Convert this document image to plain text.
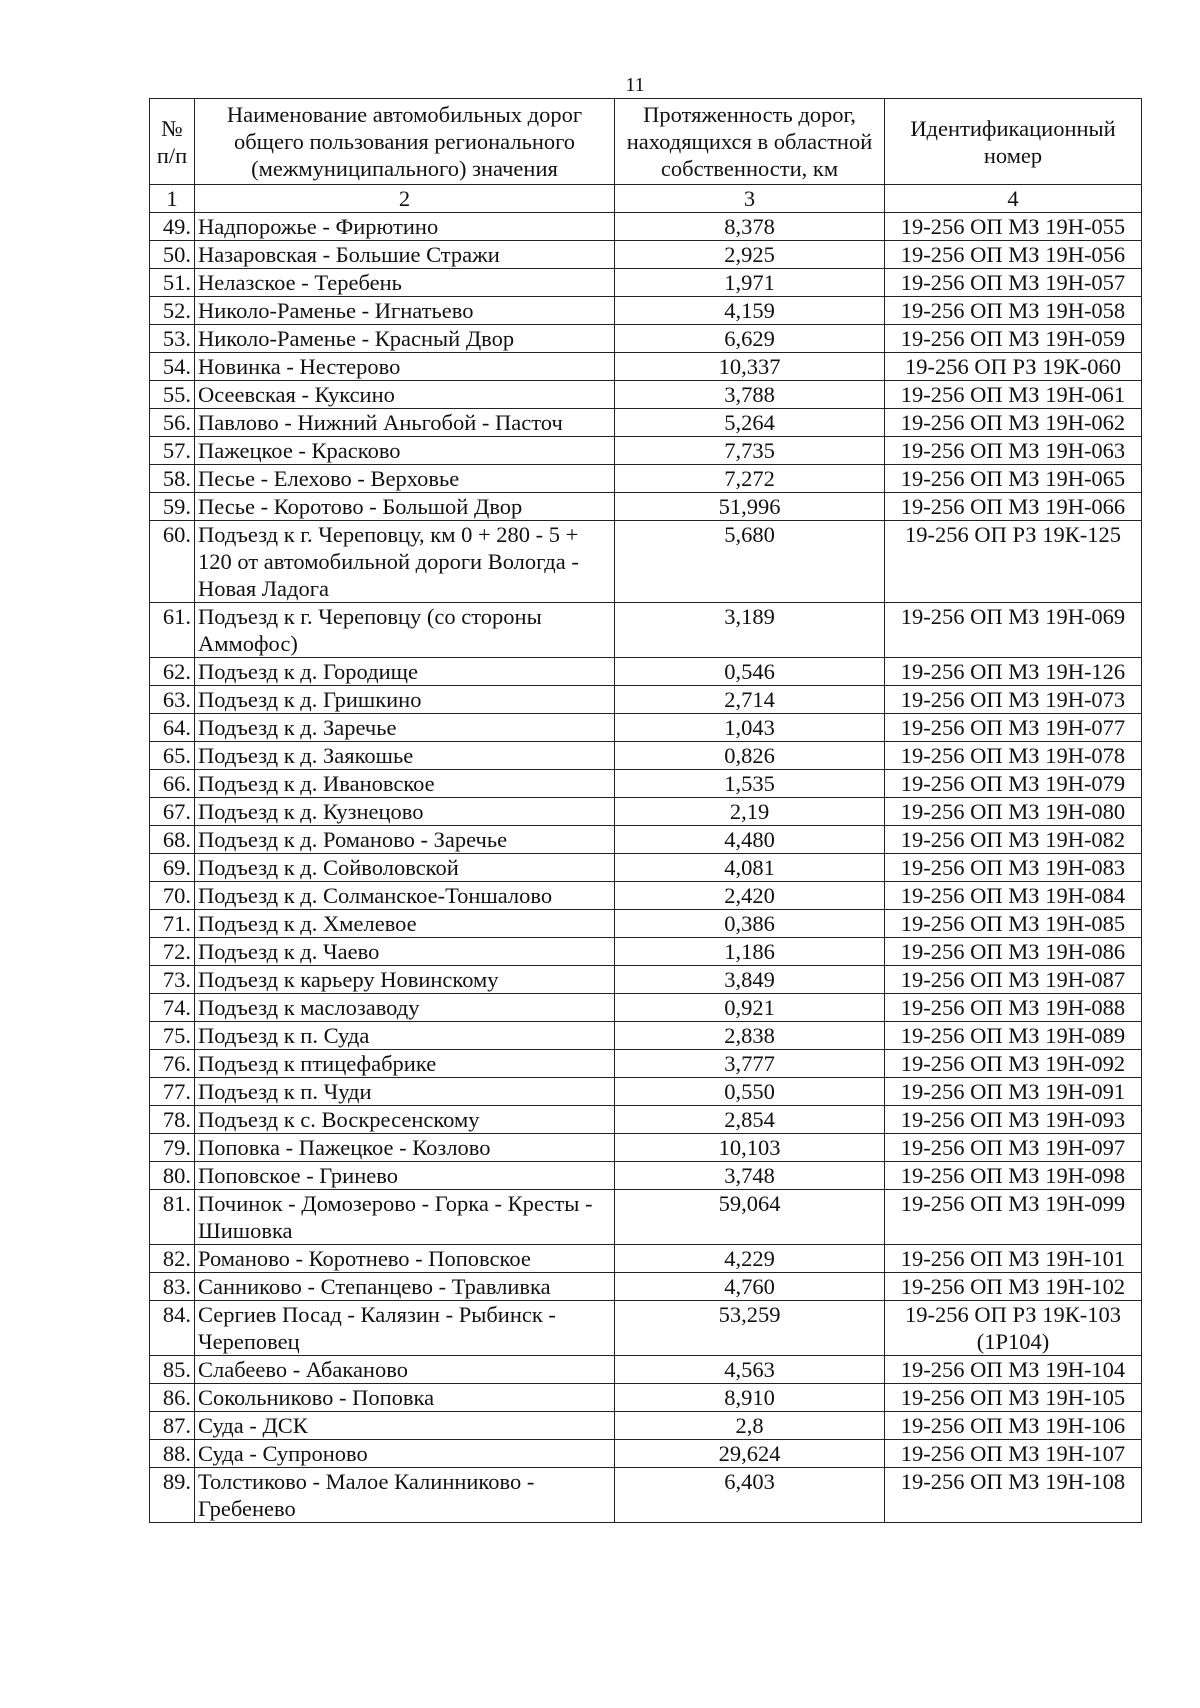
11
№
п/п	Наименование автомобильных дорог общего пользования регионального (межмуниципального) значения	Протяженность дорог, находящихся в областной собственности, км	Идентификационный номер
1	2	3	4
49.	Надпорожье - Фирютино	8,378	19-256 ОП МЗ 19Н-055
50.	Назаровская - Большие Стражи	2,925	19-256 ОП МЗ 19Н-056
51.	Нелазское - Теребень	1,971	19-256 ОП МЗ 19Н-057
52.	Николо-Раменье - Игнатьево	4,159	19-256 ОП МЗ 19Н-058
53.	Николо-Раменье - Красный Двор	6,629	19-256 ОП МЗ 19Н-059
54.	Новинка - Нестерово	10,337	19-256 ОП РЗ 19К-060
55.	Осеевская - Куксино	3,788	19-256 ОП МЗ 19Н-061
56.	Павлово - Нижний Аньгобой - Пасточ	5,264	19-256 ОП МЗ 19Н-062
57.	Пажецкое - Красково	7,735	19-256 ОП МЗ 19Н-063
58.	Песье - Елехово - Верховье	7,272	19-256 ОП МЗ 19Н-065
59.	Песье - Коротово - Большой Двор	51,996	19-256 ОП МЗ 19Н-066
60.	Подъезд к г. Череповцу, км 0 + 280 - 5 + 120 от автомобильной дороги Вологда - Новая Ладога	5,680	19-256 ОП РЗ 19К-125
61.	Подъезд к г. Череповцу (со стороны Аммофос)	3,189	19-256 ОП МЗ 19Н-069
62.	Подъезд к д. Городище	0,546	19-256 ОП МЗ 19Н-126
63.	Подъезд к д. Гришкино	2,714	19-256 ОП МЗ 19Н-073
64.	Подъезд к д. Заречье	1,043	19-256 ОП МЗ 19Н-077
65.	Подъезд к д. Заякошье	0,826	19-256 ОП МЗ 19Н-078
66.	Подъезд к д. Ивановское	1,535	19-256 ОП МЗ 19Н-079
67.	Подъезд к д. Кузнецово	2,19	19-256 ОП МЗ 19Н-080
68.	Подъезд к д. Романово - Заречье	4,480	19-256 ОП МЗ 19Н-082
69.	Подъезд к д. Сойволовской	4,081	19-256 ОП МЗ 19Н-083
70.	Подъезд к д. Солманское-Тоншалово	2,420	19-256 ОП МЗ 19Н-084
71.	Подъезд к д. Хмелевое	0,386	19-256 ОП МЗ 19Н-085
72.	Подъезд к д. Чаево	1,186	19-256 ОП МЗ 19Н-086
73.	Подъезд к карьеру Новинскому	3,849	19-256 ОП МЗ 19Н-087
74.	Подъезд к маслозаводу	0,921	19-256 ОП МЗ 19Н-088
75.	Подъезд к п. Суда	2,838	19-256 ОП МЗ 19Н-089
76.	Подъезд к птицефабрике	3,777	19-256 ОП МЗ 19Н-092
77.	Подъезд к п. Чуди	0,550	19-256 ОП МЗ 19Н-091
78.	Подъезд к с. Воскресенскому	2,854	19-256 ОП МЗ 19Н-093
79.	Поповка - Пажецкое - Козлово	10,103	19-256 ОП МЗ 19Н-097
80.	Поповское - Гринево	3,748	19-256 ОП МЗ 19Н-098
81.	Починок - Домозерово - Горка - Кресты - Шишовка	59,064	19-256 ОП МЗ 19Н-099
82.	Романово - Коротнево - Поповское	4,229	19-256 ОП МЗ 19Н-101
83.	Санниково - Степанцево - Травливка	4,760	19-256 ОП МЗ 19Н-102
84.	Сергиев Посад - Калязин - Рыбинск - Череповец	53,259	19-256 ОП РЗ 19К-103 (1Р104)
85.	Слабеево - Абаканово	4,563	19-256 ОП МЗ 19Н-104
86.	Сокольниково - Поповка	8,910	19-256 ОП МЗ 19Н-105
87.	Суда - ДСК	2,8	19-256 ОП МЗ 19Н-106
88.	Суда - Супроново	29,624	19-256 ОП МЗ 19Н-107
89.	Толстиково - Малое Калинниково - Гребенево	6,403	19-256 ОП МЗ 19Н-108
